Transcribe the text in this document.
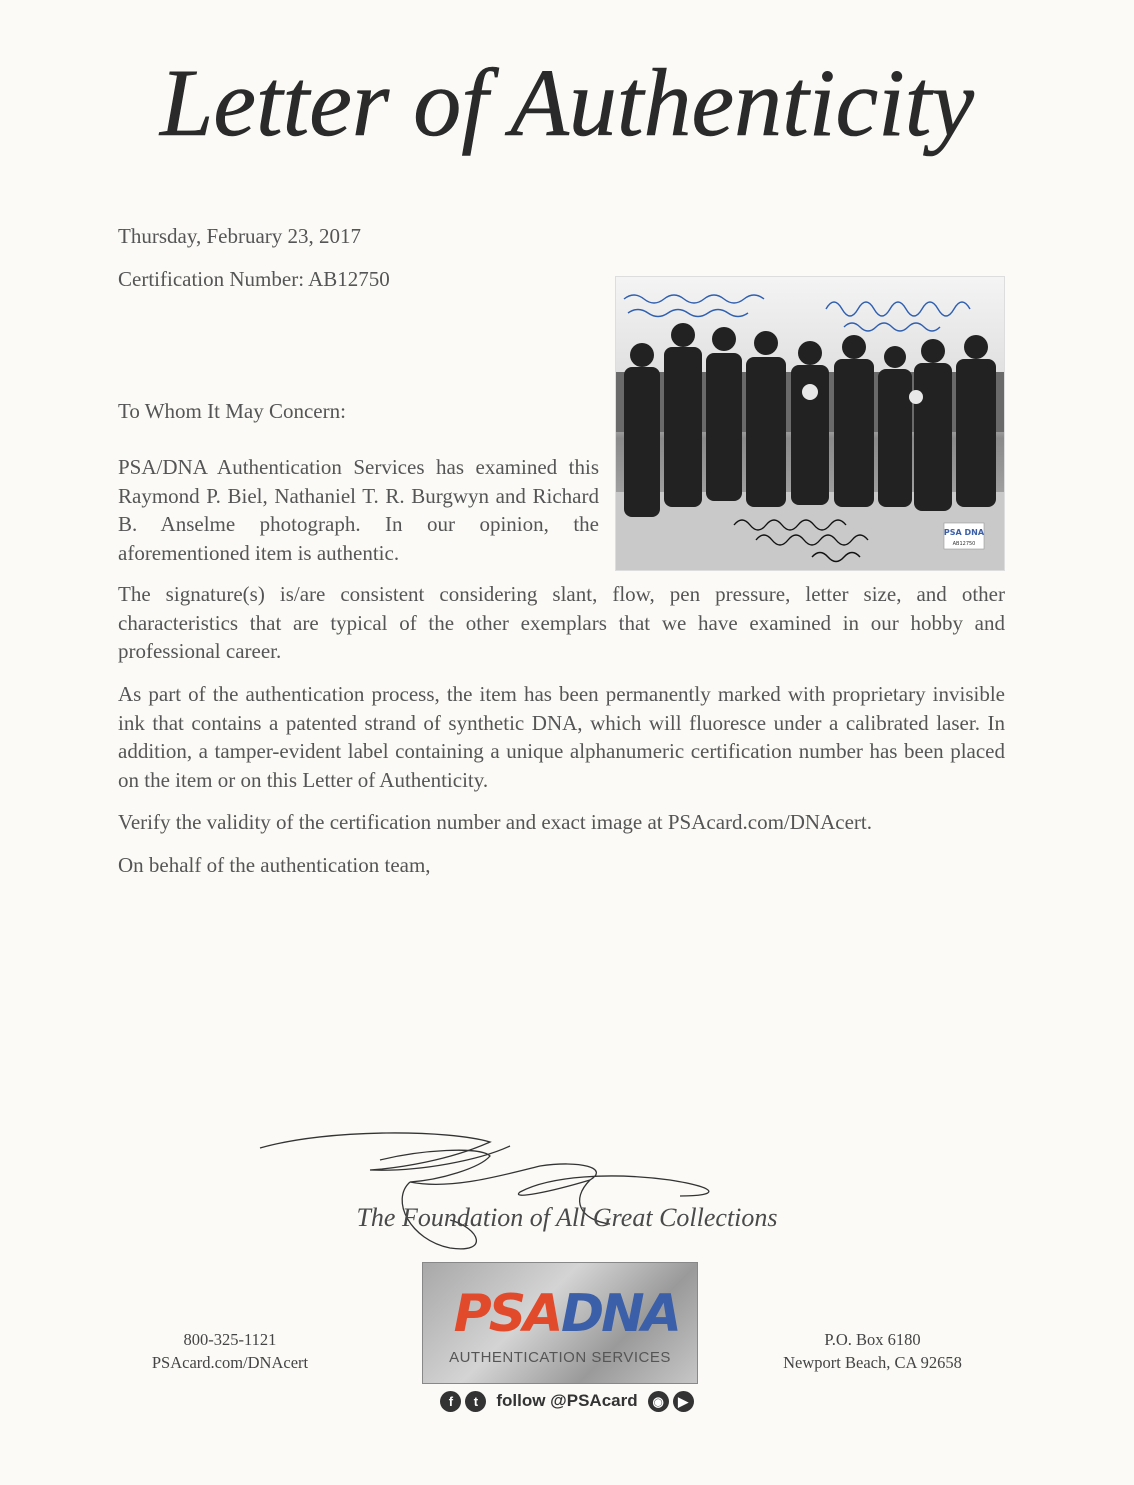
Letter of Authenticity
Thursday, February 23, 2017
Certification Number: AB12750
To Whom It May Concern:

PSA/DNA Authentication Services has examined this Raymond P. Biel, Nathaniel T. R. Burgwyn and Richard B. Anselme photograph. In our opinion, the aforementioned item is authentic.

PSA DNA
AB12750

The signature(s) is/are consistent considering slant, flow, pen pressure, letter size, and other characteristics that are typical of the other exemplars that we have examined in our hobby and professional career.

As part of the authentication process, the item has been permanently marked with proprietary invisible ink that contains a patented strand of synthetic DNA, which will fluoresce under a calibrated laser. In addition, a tamper-evident label containing a unique alphanumeric certification number has been placed on the item or on this Letter of Authenticity.

Verify the validity of the certification number and exact image at PSAcard.com/DNAcert.
On behalf of the authentication team,
The Foundation of All Great Collections
PSA DNA
AUTHENTICATION SERVICES
f	t	follow @PSAcard	◉	▶
800-325-1121
PSAcard.com/DNAcert
P.O. Box 6180
Newport Beach, CA 92658
